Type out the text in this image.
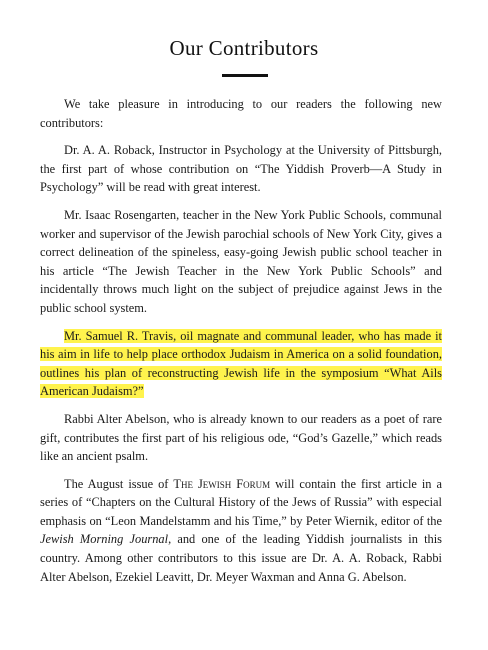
Our Contributors

We take pleasure in introducing to our readers the following new contributors:

Dr. A. A. Roback, Instructor in Psychology at the University of Pittsburgh, the first part of whose contribution on “The Yiddish Proverb—A Study in Psychology” will be read with great interest.

Mr. Isaac Rosengarten, teacher in the New York Public Schools, communal worker and supervisor of the Jewish parochial schools of New York City, gives a correct delineation of the spineless, easy-going Jewish public school teacher in his article “The Jewish Teacher in the New York Public Schools” and incidentally throws much light on the subject of prejudice against Jews in the public school system.

Mr. Samuel R. Travis, oil magnate and communal leader, who has made it his aim in life to help place orthodox Judaism in America on a solid foundation, outlines his plan of reconstructing Jewish life in the symposium “What Ails American Judaism?”

Rabbi Alter Abelson, who is already known to our readers as a poet of rare gift, contributes the first part of his religious ode, “God’s Gazelle,” which reads like an ancient psalm.

The August issue of The Jewish Forum will contain the first article in a series of “Chapters on the Cultural History of the Jews of Russia” with especial emphasis on “Leon Mandelstamm and his Time,” by Peter Wiernik, editor of the Jewish Morning Journal, and one of the leading Yiddish journalists in this country. Among other contributors to this issue are Dr. A. A. Roback, Rabbi Alter Abelson, Ezekiel Leavitt, Dr. Meyer Waxman and Anna G. Abelson.
